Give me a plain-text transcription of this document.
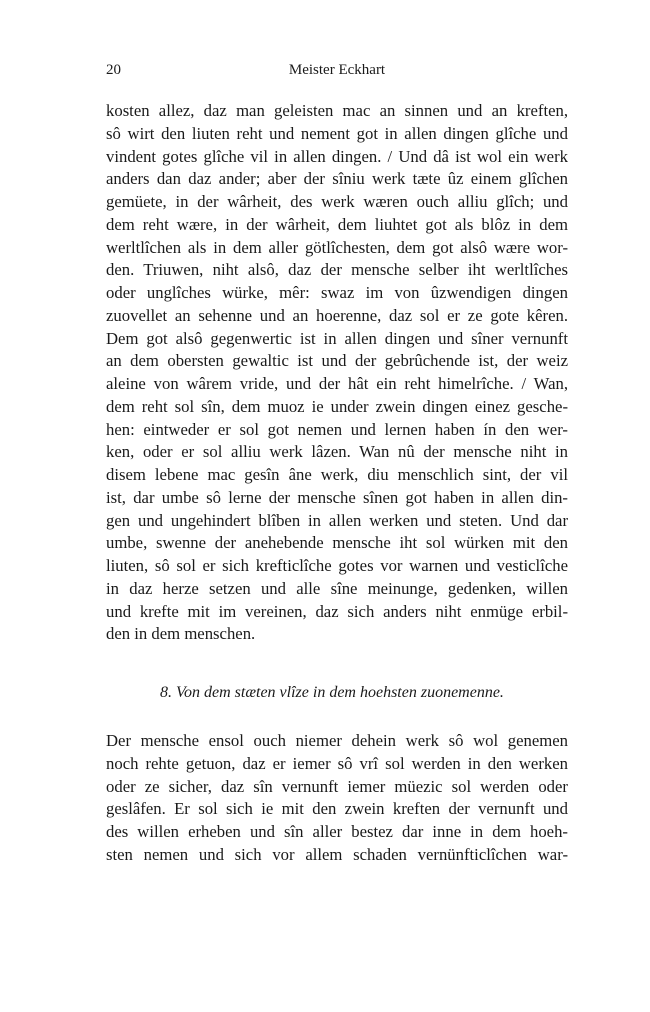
20	Meister Eckhart
kosten allez, daz man geleisten mac an sinnen und an kreften,
sô wirt den liuten reht und nement got in allen dingen glîche und
vindent gotes glîche vil in allen dingen. / Und dâ ist wol ein werk
anders dan daz ander; aber der sîniu werk tæte ûz einem glîchen
gemüete, in der wârheit, des werk wæren ouch alliu glîch; und
dem reht wære, in der wârheit, dem liuhtet got als blôz in dem
werltlîchen als in dem aller götlîchesten, dem got alsô wære wor-
den. Triuwen, niht alsô, daz der mensche selber iht werltlîches
oder unglîches würke, mêr: swaz im von ûzwendigen dingen
zuovellet an sehenne und an hoerenne, daz sol er ze gote kêren.
Dem got alsô gegenwertic ist in allen dingen und sîner vernunft
an dem obersten gewaltic ist und der gebrûchende ist, der weiz
aleine von wârem vride, und der hât ein reht himelrîche. / Wan,
dem reht sol sîn, dem muoz ie under zwein dingen einez gesche-
hen: eintweder er sol got nemen und lernen haben ín den wer-
ken, oder er sol alliu werk lâzen. Wan nû der mensche niht in
disem lebene mac gesîn âne werk, diu menschlich sint, der vil
ist, dar umbe sô lerne der mensche sînen got haben in allen din-
gen und ungehindert blîben in allen werken und steten. Und dar
umbe, swenne der anehebende mensche iht sol würken mit den
liuten, sô sol er sich krefticlîche gotes vor warnen und vesticlîche
in daz herze setzen und alle sîne meinunge, gedenken, willen
und krefte mit im vereinen, daz sich anders niht enmüge erbil-
den in dem menschen.
8. Von dem stæten vlîze in dem hoehsten zuonemenne.
Der mensche ensol ouch niemer dehein werk sô wol genemen
noch rehte getuon, daz er iemer sô vrî sol werden in den werken
oder ze sicher, daz sîn vernunft iemer müezic sol werden oder
geslâfen. Er sol sich ie mit den zwein kreften der vernunft und
des willen erheben und sîn aller bestez dar inne in dem hoeh-
sten nemen und sich vor allem schaden vernünfticlîchen war-
